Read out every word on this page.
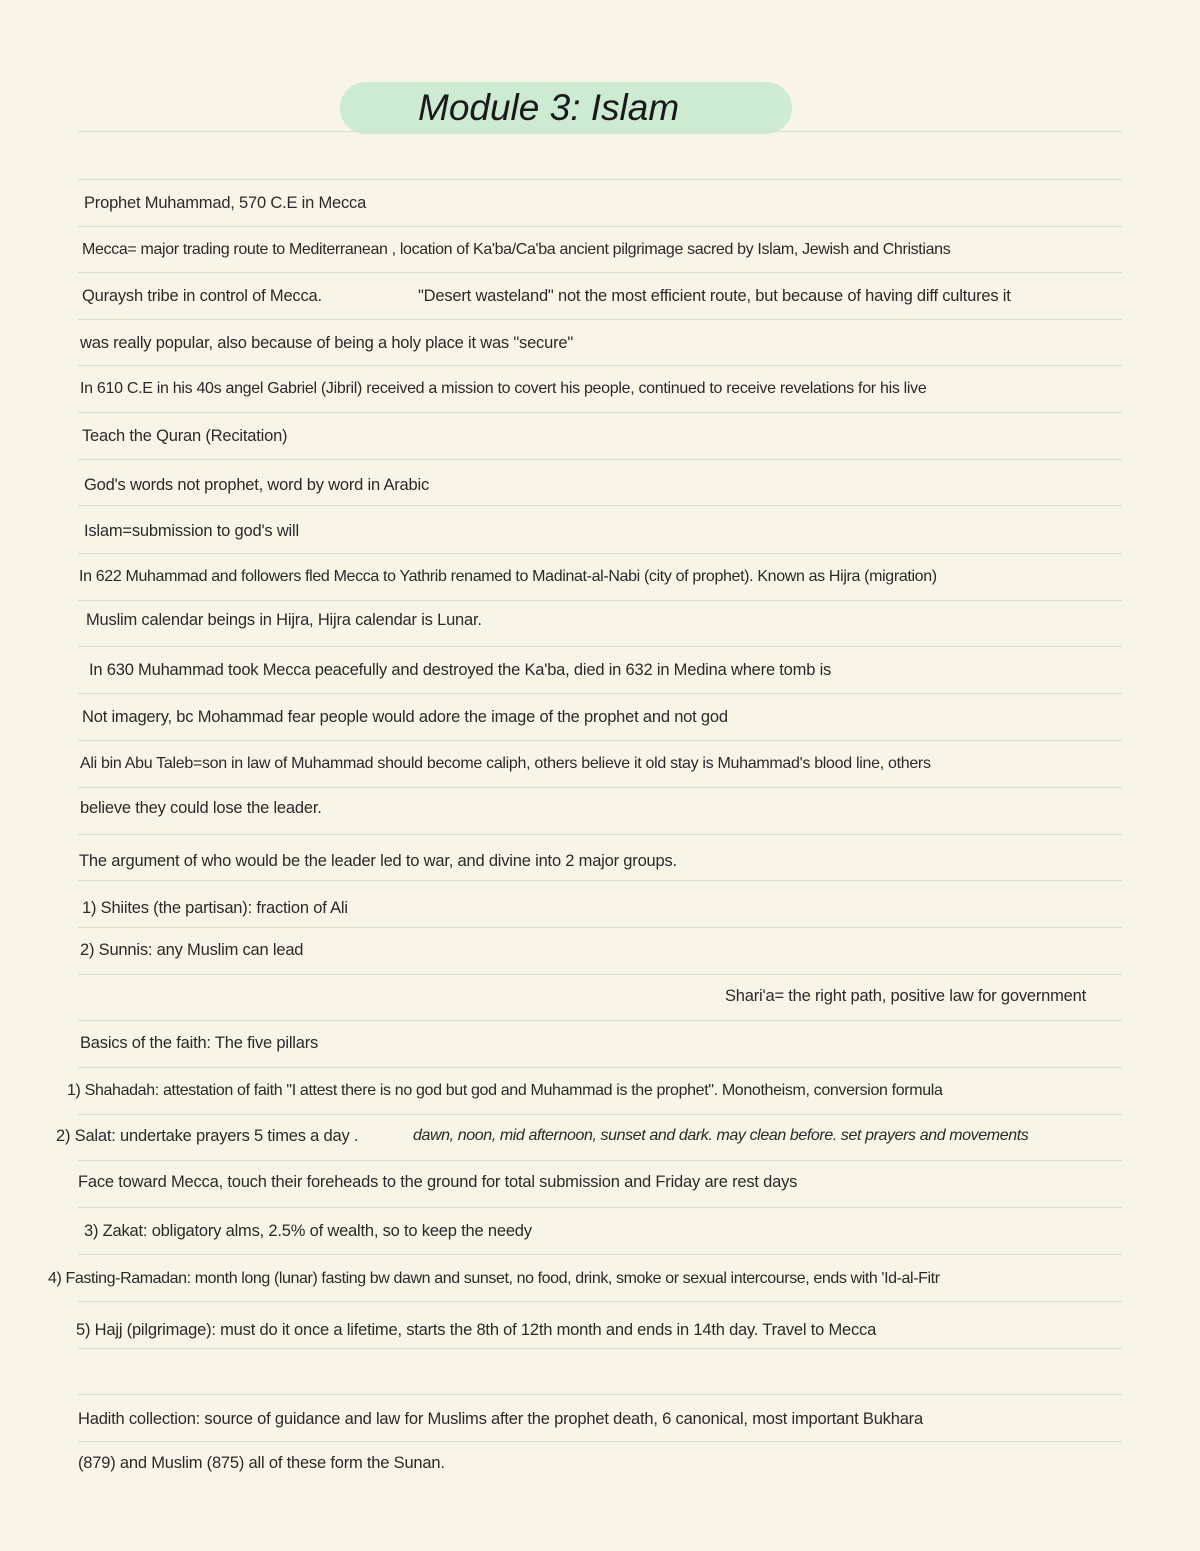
Module 3: Islam
Prophet Muhammad, 570 C.E in Mecca
Mecca= major trading route to Mediterranean , location of Ka'ba/Ca'ba ancient pilgrimage sacred by Islam, Jewish and Christians
Quraysh tribe in control of Mecca.	"Desert wasteland" not the most efficient route, but because of having diff cultures it
was really popular, also because of being a holy place it was "secure"
In 610 C.E in his 40s angel Gabriel (Jibril) received a mission to covert his people, continued to receive revelations for his live
Teach the Quran (Recitation)
God's words not prophet, word by word in Arabic
Islam=submission to god's will
In 622 Muhammad and followers fled Mecca to Yathrib renamed to Madinat-al-Nabi (city of prophet). Known as Hijra (migration)
Muslim calendar beings in Hijra, Hijra calendar is Lunar.
In 630 Muhammad took Mecca peacefully and destroyed the Ka'ba, died in 632 in Medina where tomb is
Not imagery, bc Mohammad fear people would adore the image of the prophet and not god
Ali bin Abu Taleb=son in law of Muhammad should become caliph, others believe it old stay is Muhammad's blood line, others
believe they could lose the leader.
The argument of who would be the leader led to war, and divine into 2 major groups.
1) Shiites (the partisan): fraction of Ali
2) Sunnis: any Muslim can lead
Shari'a= the right path, positive law for government
Basics of the faith: The five pillars
1) Shahadah: attestation of faith "I attest there is no god but god and Muhammad is the prophet". Monotheism, conversion formula
2) Salat: undertake prayers 5 times a day .	dawn, noon, mid afternoon, sunset and dark. may clean before. set prayers and movements
Face toward Mecca, touch their foreheads to the ground for total submission and Friday are rest days
3) Zakat: obligatory alms, 2.5% of wealth, so to keep the needy
4) Fasting-Ramadan: month long (lunar) fasting bw dawn and sunset, no food, drink, smoke or sexual intercourse, ends with 'Id-al-Fitr
5) Hajj (pilgrimage): must do it once a lifetime, starts the 8th of 12th month and ends in 14th day. Travel to Mecca
Hadith collection: source of guidance and law for Muslims after the prophet death, 6 canonical, most important Bukhara
(879) and Muslim (875) all of these form the Sunan.
